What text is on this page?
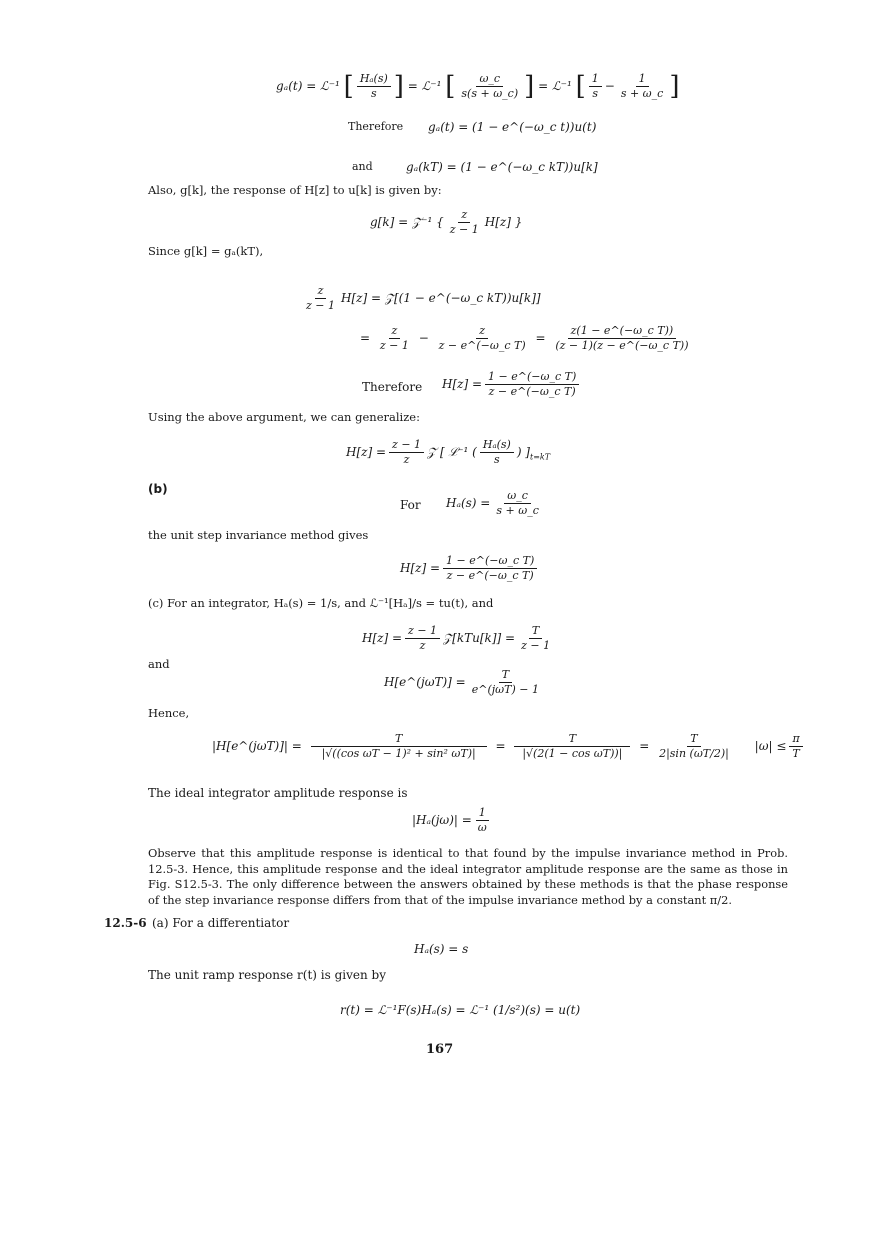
gₐ(t) = ℒ⁻¹ [ $\frac{\text{Hₐ(s)}}{s}$ ] = ℒ⁻¹ [ $\frac{\omega\_c}{s(s + \omega\_c)}$ ] = ℒ⁻¹ [ $\frac{1}{s} - \frac{1}{s + \omega\_c}$ ]
Therefore gₐ(t) = (1 − e^(−ω_c t))u(t)
and	gₐ(kT) = (1 − e^(−ω_c kT))u[k]
Also, g[k], the response of H[z] to u[k] is given by:
g[k] = 𝒵⁻¹ { $\frac{z}{z - 1} H[z]$ }
Since g[k] = gₐ(kT),
$\frac{z}{z - 1} H[z]$ = 𝒵[(1 − e^(−ω_c kT))u[k]]
= $\frac{z}{z - 1} - \frac{z}{\text{z − e\textasciicircum{}(−ω\_c T)}} = \frac{\text{z(1 − e\textasciicircum{}(−ω\_c T))}}{\text{(z − 1)(z − e\textasciicircum{}(−ω\_c T))}}$
Therefore $H[z] = \frac{\text{1 − e\textasciicircum{}(−ω\_c T)}}{\text{z − e\textasciicircum{}(−ω\_c T)}}$
Using the above argument, we can generalize:
$H[z] = \frac{z - 1}{z}$ 𝒵 [ ℒ⁻¹ ( $\frac{\text{Hₐ(s)}}{s}$ ) ]$_{t=kT}$
(b)
For $H_a(s) = \frac{\omega\_c}{s + \omega\_c}$
the unit step invariance method gives
$H[z] = \frac{\text{1 − e\textasciicircum{}(−ω\_c T)}}{\text{z − e\textasciicircum{}(−ω\_c T)}}$
(c) For an integrator, Hₐ(s) = 1/s, and ℒ⁻¹[Hₐ]/s = tu(t), and
$H[z] = \frac{z - 1}{z}$ 𝒵[kTu[k]] = $\frac{T}{z - 1}$
and
H[e^(jωT)] = $\frac{T}{\text{e\textasciicircum{}(jωT) − 1}}$
Hence,
|H[e^(jωT)]| = $\frac{T}{\text{|√((cos ωT − 1)² + sin² ωT)|}} = \frac{T}{\text{|√(2(1 − cos ωT))|}} = \frac{T}{2|\sin (\omega T/2)|} |\omega| \le \frac{\pi}{T}$
The ideal integrator amplitude response is
$|H_a(j\omega)| = \frac{1}{\omega}$
Observe that this amplitude response is identical to that found by the impulse invariance method in Prob. 12.5-3. Hence, this amplitude response and the ideal integrator amplitude response are the same as those in Fig. S12.5-3. The only difference between the answers obtained by these methods is that the phase response of the step invariance response differs from that of the impulse invariance method by a constant π/2.
12.5-6 (a) For a differentiator
Hₐ(s) = s
The unit ramp response r(t) is given by
r(t) = ℒ⁻¹F(s)Hₐ(s) = ℒ⁻¹ (1/s²)(s) = u(t)
167
